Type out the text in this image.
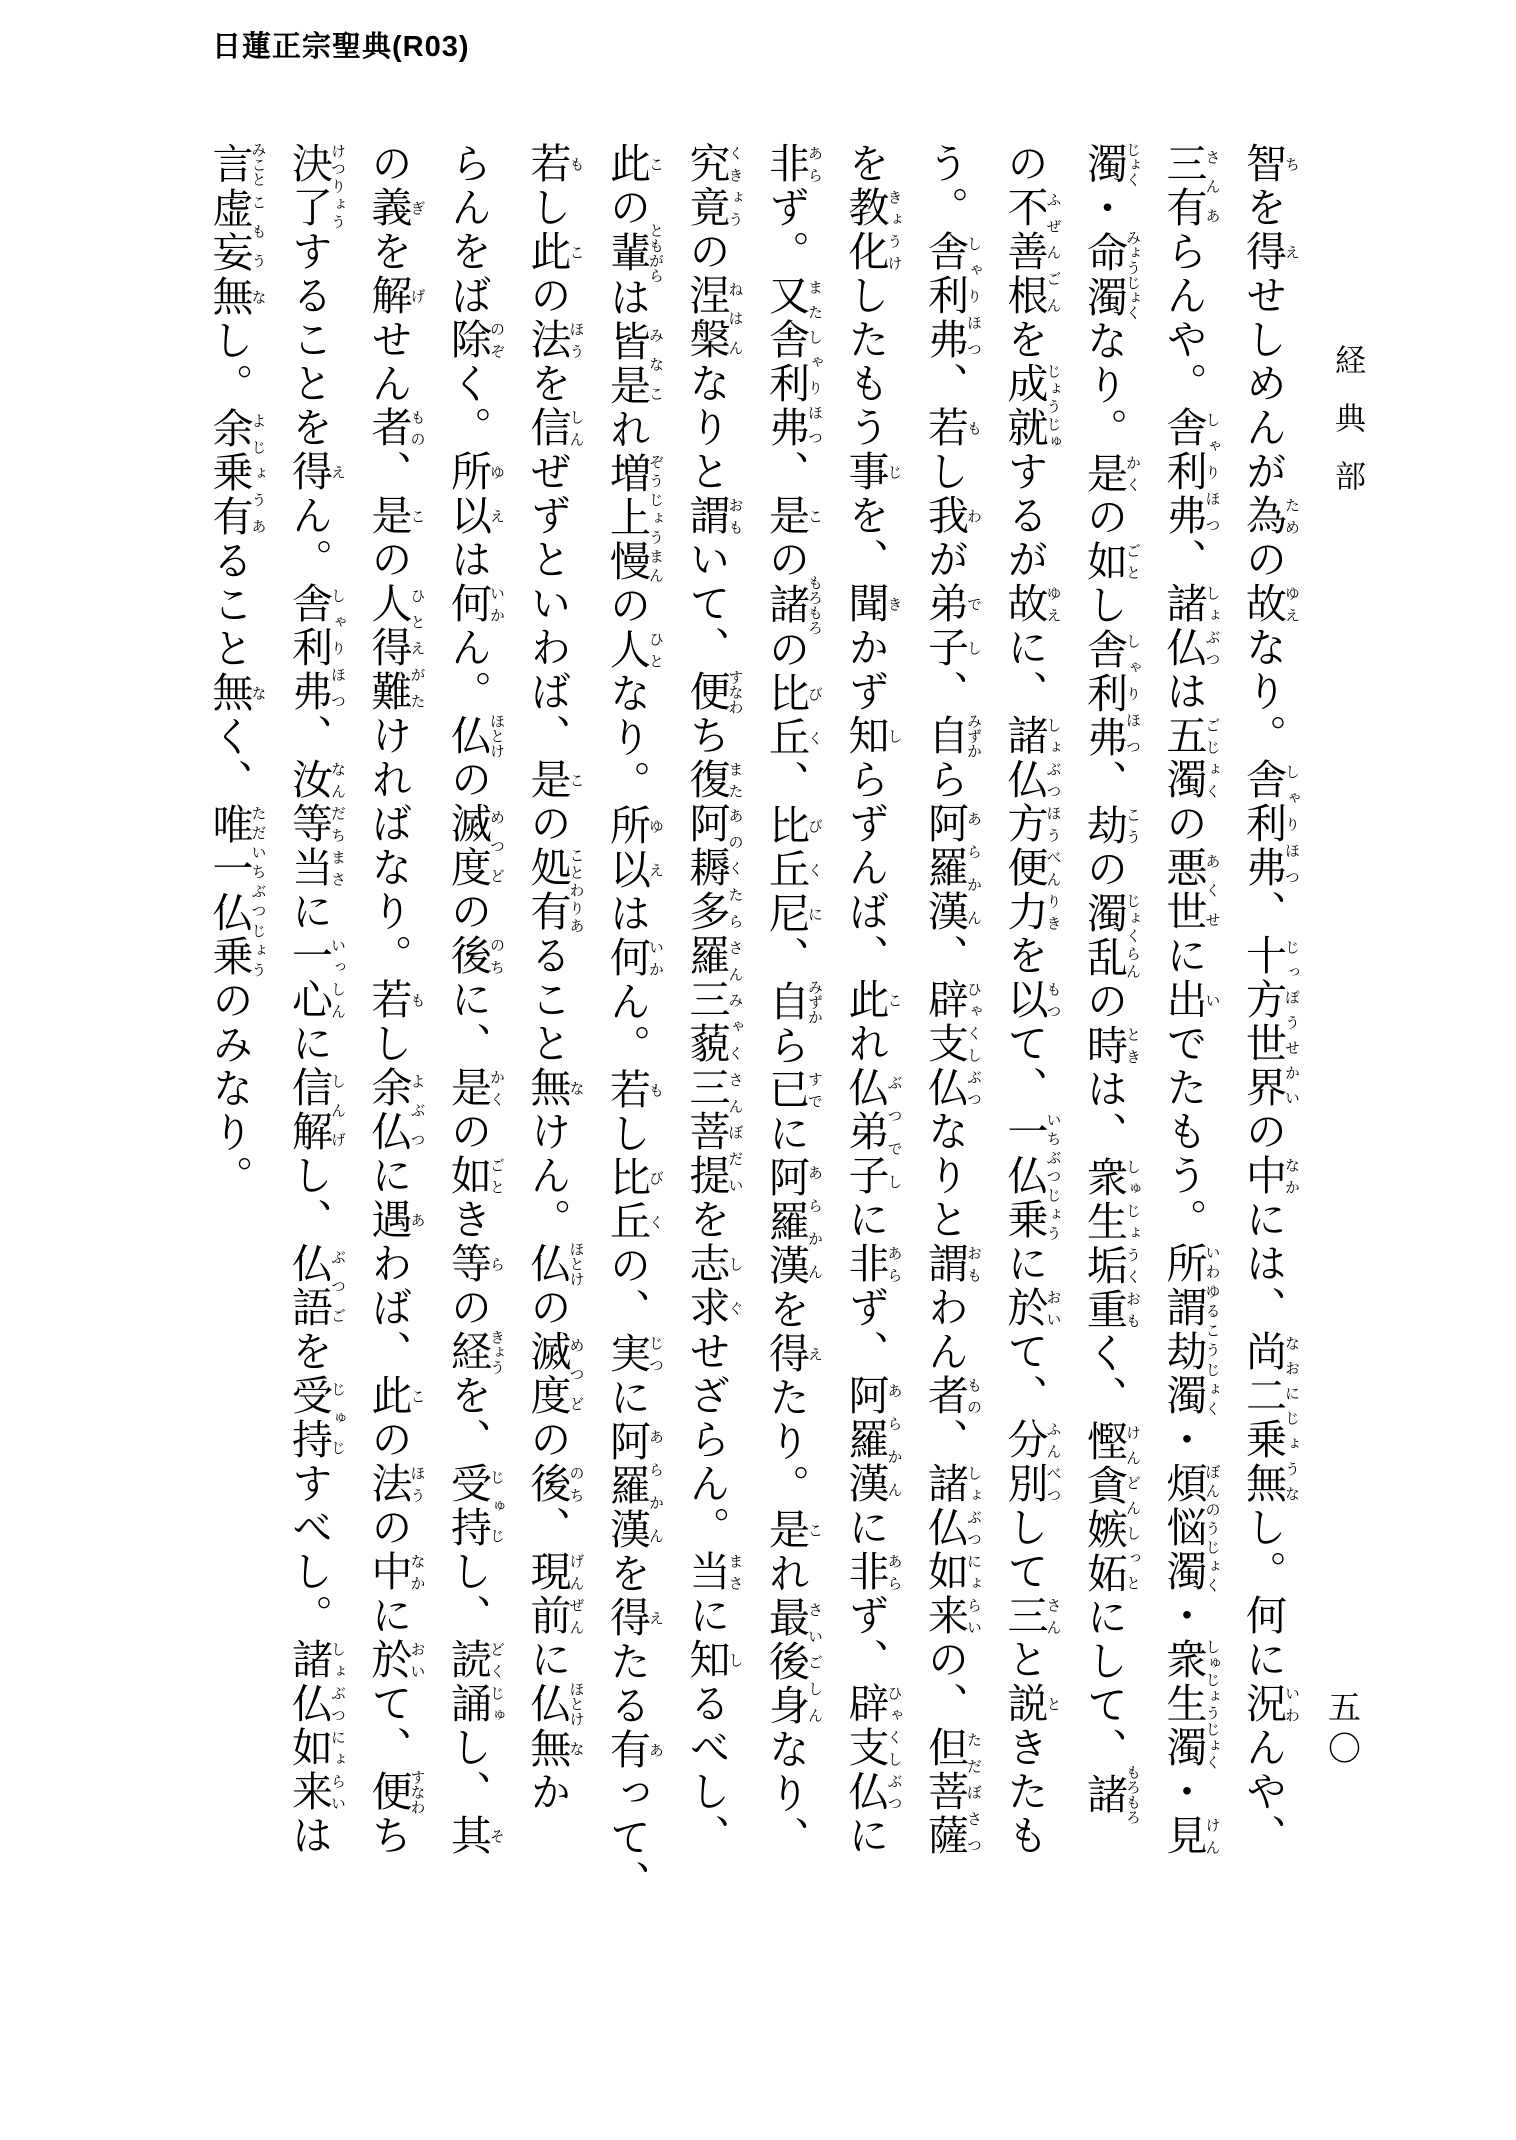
日蓮正宗聖典(R03)
経典部
五〇

智ちを得えせしめんが為ための故ゆえなり。舎利弗しゃりほつ、十方世界じっぽうせかいの中なかには、尚二乗無なおにじょうなし。何に況いわんや、

三有さんあらんや。舎利弗しゃりほつ、諸仏しょぶつは五濁ごじょくの悪世あくせに出いでたもう。所謂劫濁いわゆるこうじょく・煩悩濁ぼんのうじょく・衆生濁しゅじょうじょく・見けん

濁じょく・命濁みょうじょくなり。是かくの如ごとし舎利弗しゃりほつ、劫こうの濁乱じょくらんの時ときは、衆生垢重しゅじょうくおもく、慳貪嫉妬けんどんしっとにして、諸もろもろ

の不善根ふぜんごんを成就じょうじゅするが故ゆえに、諸仏方便力しょぶつほうべんりきを以もつて、一仏乗いちぶつじょうに於おいて、分別ふんべつして三さんと説ときたも

う。舎利弗しゃりほつ、若もし我わが弟子でし、自みずから阿羅漢あらかん、辟支仏ひゃくしぶつなりと謂おもわん者もの、諸仏如来しょぶつにょらいの、但菩薩ただぼさつ

を教化きょうけしたもう事じを、聞きかず知しらずんば、此これ仏弟子ぶつでしに非あらず、阿羅漢あらかんに非あらず、辟支仏ひゃくしぶつに

非あらず。又舎利弗またしゃりほつ、是この諸もろもろの比丘びく、比丘尼びくに、自みずから已すでに阿羅漢あらかんを得えたり。是これ最後身さいごしんなり、

究竟くきょうの涅槃ねはんなりと謂おもいて、便すなわち復また阿耨多羅三藐三菩提あのくたらさんみゃくさんぼだいを志求しぐせざらん。当まさに知しるべし、

此この輩ともがらは皆是みなこれ増上慢ぞうじょうまんの人ひとなり。所以ゆえは何いかん。若もし比丘びくの、実じつに阿羅漢あらかんを得えたる有あって、

若もし此この法ほうを信しんぜずといわば、是この処有ことわりあること無なけん。仏ほとけの滅度めつどの後のち、現前げんぜんに仏ほとけ無なか

らんをば除のぞく。所以ゆえは何いかん。仏ほとけの滅度めつどの後のちに、是かくの如ごとき等らの経きょうを、受持じゅじし、読誦どくじゅし、其そ

の義ぎを解げせん者もの、是この人得難ひとえがたければなり。若もし余仏よぶつに遇あわば、此この法ほうの中なかに於おいて、便すなわち

決了けつりょうすることを得えん。舎利弗しゃりほつ、汝等当なんだちまさに一心いっしんに信解しんげし、仏語ぶつごを受持じゅじすべし。諸仏如来しょぶつにょらいは

言みこと虚妄こもう無なし。余乗有よじょうあること無なく、唯一仏乗ただいちぶつじょうのみなり。
